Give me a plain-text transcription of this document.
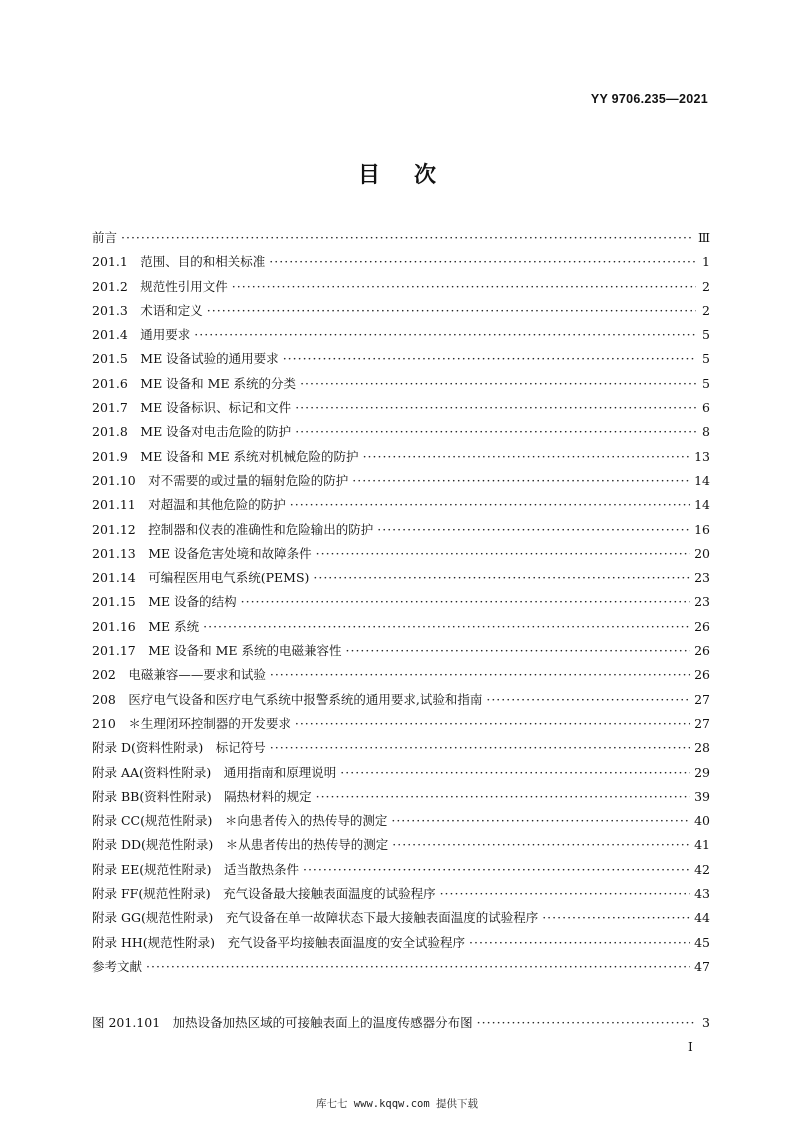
YY 9706.235—2021
目次
前言 ·····	Ⅲ
201.1　范围、目的和相关标准 ·····	1
201.2　规范性引用文件 ·····	2
201.3　术语和定义 ·····	2
201.4　通用要求 ·····	5
201.5　ME 设备试验的通用要求 ·····	5
201.6　ME 设备和 ME 系统的分类 ·····	5
201.7　ME 设备标识、标记和文件 ·····	6
201.8　ME 设备对电击危险的防护 ·····	8
201.9　ME 设备和 ME 系统对机械危险的防护 ·····	13
201.10　对不需要的或过量的辐射危险的防护 ·····	14
201.11　对超温和其他危险的防护 ·····	14
201.12　控制器和仪表的准确性和危险输出的防护 ·····	16
201.13　ME 设备危害处境和故障条件 ·····	20
201.14　可编程医用电气系统(PEMS) ·····	23
201.15　ME 设备的结构 ·····	23
201.16　ME 系统 ·····	26
201.17　ME 设备和 ME 系统的电磁兼容性 ·····	26
202　电磁兼容——要求和试验 ·····	26
208　医疗电气设备和医疗电气系统中报警系统的通用要求,试验和指南 ·····	27
210　＊生理闭环控制器的开发要求 ·····	27
附录 D(资料性附录)　标记符号 ·····	28
附录 AA(资料性附录)　通用指南和原理说明 ·····	29
附录 BB(资料性附录)　隔热材料的规定 ·····	39
附录 CC(规范性附录)　＊向患者传入的热传导的测定 ·····	40
附录 DD(规范性附录)　＊从患者传出的热传导的测定 ·····	41
附录 EE(规范性附录)　适当散热条件 ·····	42
附录 FF(规范性附录)　充气设备最大接触表面温度的试验程序 ·····	43
附录 GG(规范性附录)　充气设备在单一故障状态下最大接触表面温度的试验程序 ·····	44
附录 HH(规范性附录)　充气设备平均接触表面温度的安全试验程序 ·····	45
参考文献 ·····	47
图 201.101　加热设备加热区域的可接触表面上的温度传感器分布图 ·····	3
I
库七七 www.kqqw.com 提供下载
